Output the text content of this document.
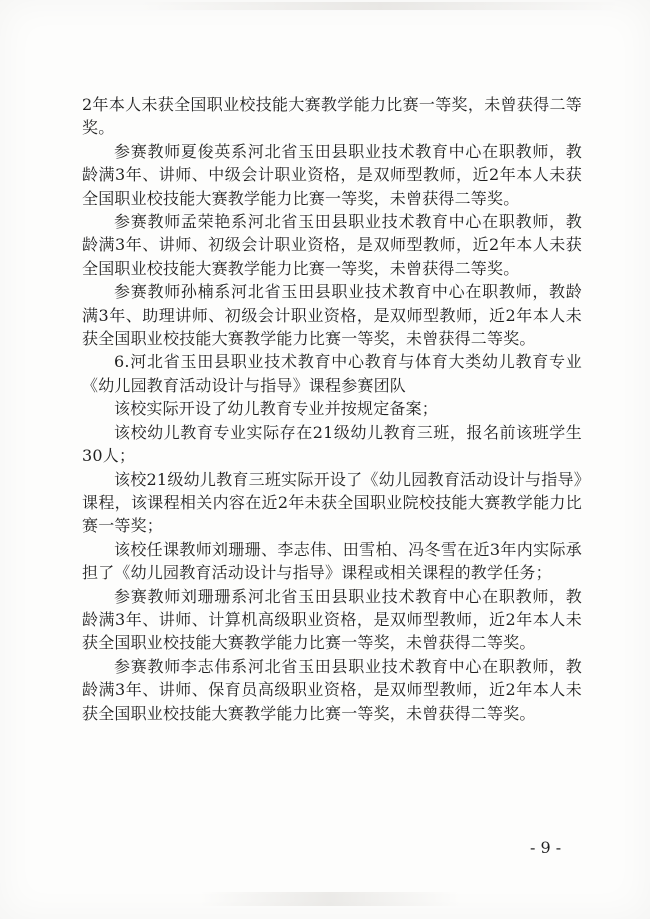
2年本人未获全国职业校技能大赛教学能力比赛一等奖，未曾获得二等奖。

参赛教师夏俊英系河北省玉田县职业技术教育中心在职教师，教龄满3年、讲师、中级会计职业资格，是双师型教师，近2年本人未获全国职业校技能大赛教学能力比赛一等奖，未曾获得二等奖。

参赛教师孟荣艳系河北省玉田县职业技术教育中心在职教师，教龄满3年、讲师、初级会计职业资格，是双师型教师，近2年本人未获全国职业校技能大赛教学能力比赛一等奖，未曾获得二等奖。

参赛教师孙楠系河北省玉田县职业技术教育中心在职教师，教龄满3年、助理讲师、初级会计职业资格，是双师型教师，近2年本人未获全国职业校技能大赛教学能力比赛一等奖，未曾获得二等奖。

6.河北省玉田县职业技术教育中心教育与体育大类幼儿教育专业《幼儿园教育活动设计与指导》课程参赛团队

该校实际开设了幼儿教育专业并按规定备案；

该校幼儿教育专业实际存在21级幼儿教育三班，报名前该班学生30人；

该校21级幼儿教育三班实际开设了《幼儿园教育活动设计与指导》课程，该课程相关内容在近2年未获全国职业院校技能大赛教学能力比赛一等奖；

该校任课教师刘珊珊、李志伟、田雪柏、冯冬雪在近3年内实际承担了《幼儿园教育活动设计与指导》课程或相关课程的教学任务；

参赛教师刘珊珊系河北省玉田县职业技术教育中心在职教师，教龄满3年、讲师、计算机高级职业资格，是双师型教师，近2年本人未获全国职业校技能大赛教学能力比赛一等奖，未曾获得二等奖。

参赛教师李志伟系河北省玉田县职业技术教育中心在职教师，教龄满3年、讲师、保育员高级职业资格，是双师型教师，近2年本人未获全国职业校技能大赛教学能力比赛一等奖，未曾获得二等奖。

- 9 -
